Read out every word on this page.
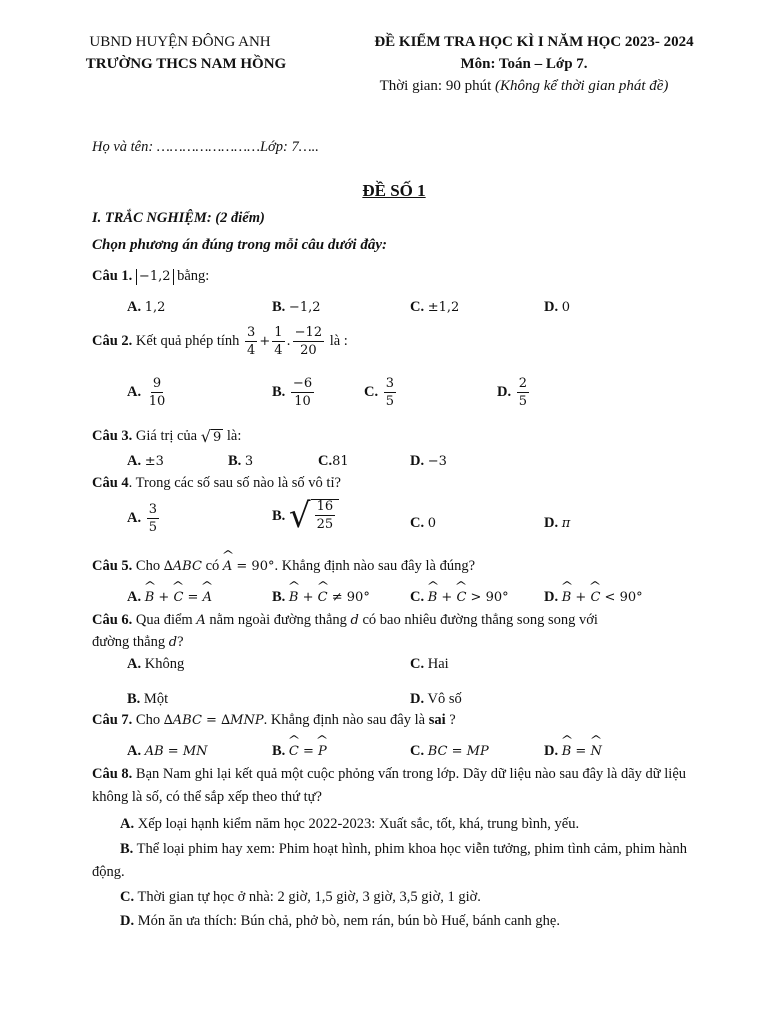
UBND HUYỆN ĐÔNG ANH
TRƯỜNG THCS NAM HỒNG
ĐỀ KIỂM TRA HỌC KÌ I NĂM HỌC 2023- 2024
Môn: Toán – Lớp 7.
Thời gian: 90 phút (Không kể thời gian phát đề)
Họ và tên: ……………………Lớp: 7…..
ĐỀ SỐ 1
I. TRẮC NGHIỆM: (2 điểm)
Chọn phương án đúng trong mỗi câu dưới đây:
Câu 1. −1,2 bằng:
A. 1,2	B. −1,2	C. ±1,2	D. 0
Câu 2. Kết quả phép tính $\frac{3}{4} + \frac{1}{4}$ . $\frac{-12}{20}$ là :
A.
$\frac{9}{10}$	B.
$\frac{-6}{10}$	C.
$\frac{3}{5}$	D.
$\frac{2}{5}$
Câu 3. Giá trị của √ 9 là:
A. ±3	B. 3	C.81	D. −3
Câu 4. Trong các số sau số nào là số vô tỉ?
A.
$\frac{3}{5}$	B.
√ $\frac{16}{25}$	C. 0	D. π
Câu 5. Cho ∆ABC có ^ A = 90°. Khẳng định nào sau đây là đúng?
A. ^ B + ^ C = ^ A	B. ^ B + ^ C ≠ 90°	C. ^ B + ^ C > 90° D. ^ B + ^ C < 90°
Câu 6. Qua điểm A nằm ngoài đường thẳng d có bao nhiêu đường thẳng song song với
đường thẳng d?
A. Không	C. Hai
B. Một	D. Vô số
Câu 7. Cho ∆ABC = ∆MNP. Khẳng định nào sau đây là sai ?
A. AB = MN	B. ^ C = ^ P	C. BC = MP	D. ^ B = ^ N
Câu 8. Bạn Nam ghi lại kết quả một cuộc phỏng vấn trong lớp. Dãy dữ liệu nào sau đây là dãy dữ liệu không là số, có thể sắp xếp theo thứ tự?
A. Xếp loại hạnh kiểm năm học 2022-2023: Xuất sắc, tốt, khá, trung bình, yếu.
B. Thể loại phim hay xem: Phim hoạt hình, phim khoa học viễn tưởng, phim tình cảm, phim hành động.
C. Thời gian tự học ở nhà: 2 giờ, 1,5 giờ, 3 giờ, 3,5 giờ, 1 giờ.
D. Món ăn ưa thích: Bún chả, phở bò, nem rán, bún bò Huế, bánh canh ghẹ.
